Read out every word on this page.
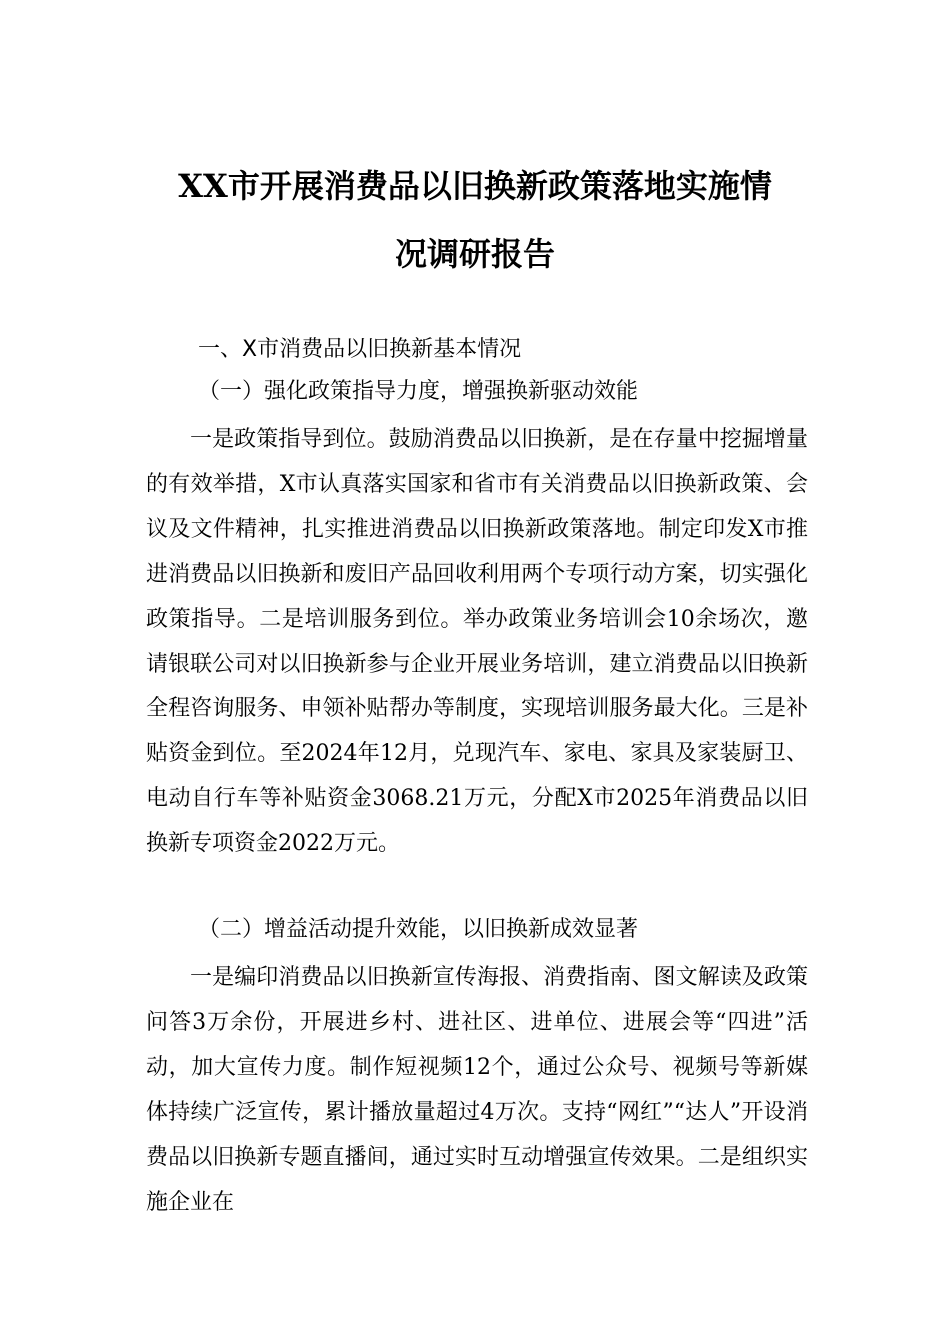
XX市开展消费品以旧换新政策落地实施情
况调研报告
一、X市消费品以旧换新基本情况
（一）强化政策指导力度，增强换新驱动效能

一是政策指导到位。鼓励消费品以旧换新，是在存量中挖掘增量的有效举措，X市认真落实国家和省市有关消费品以旧换新政策、会议及文件精神，扎实推进消费品以旧换新政策落地。制定印发X市推进消费品以旧换新和废旧产品回收利用两个专项行动方案，切实强化政策指导。二是培训服务到位。举办政策业务培训会10余场次，邀请银联公司对以旧换新参与企业开展业务培训，建立消费品以旧换新全程咨询服务、申领补贴帮办等制度，实现培训服务最大化。三是补贴资金到位。至2024年12月，兑现汽车、家电、家具及家装厨卫、电动自行车等补贴资金3068.21万元，分配X市2025年消费品以旧换新专项资金2022万元。

（二）增益活动提升效能，以旧换新成效显著

一是编印消费品以旧换新宣传海报、消费指南、图文解读及政策问答3万余份，开展进乡村、进社区、进单位、进展会等“四进”活动，加大宣传力度。制作短视频12个，通过公众号、视频号等新媒体持续广泛宣传，累计播放量超过4万次。支持“网红”“达人”开设消费品以旧换新专题直播间，通过实时互动增强宣传效果。二是组织实施企业在
